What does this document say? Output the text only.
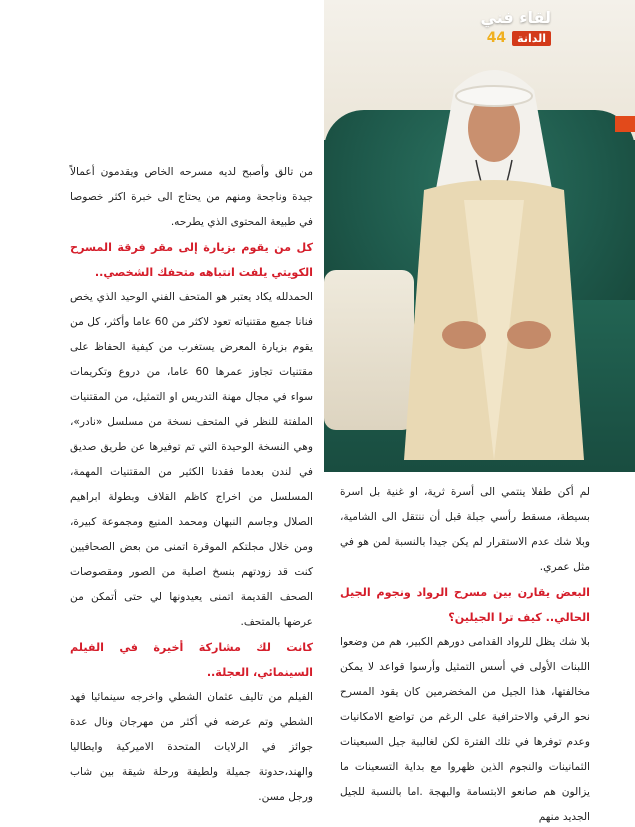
لقاء فني
44	الدانة

من تالق وأصبح لديه مسرحه الخاص ويقدمون أعمالاً جيدة وناجحة ومنهم من يحتاج الى خبرة اكثر خصوصا في طبيعة المحتوى الذي يطرحه.

كل من يقوم بزيارة إلى مقر فرقة المسرح الكويتي يلفت انتباهه متحفك الشخصي..

الحمدلله يكاد يعتبر هو المتحف الفني الوحيد الذي يخص فنانا جميع مقتنياته تعود لاكثر من 60 عاما وأكثر، كل من يقوم بزيارة المعرض يستغرب من كيفية الحفاظ على مقتنيات تجاوز عمرها 60 عاما، من دروع وتكريمات سواء في مجال مهنة التدريس او التمثيل، من المقتنيات الملفتة للنظر في المتحف نسخة من مسلسل «نادر»، وهي النسخة الوحيدة التي تم توفيرها عن طريق صديق في لندن بعدما فقدنا الكثير من المقتنيات المهمة، المسلسل من اخراج كاظم القلاف وبطولة ابراهيم الصلال وجاسم النبهان ومحمد المنيع ومجموعة كبيرة، ومن خلال مجلتكم الموقرة اتمنى من بعض الصحافيين كنت قد زودتهم بنسخ اصلية من الصور ومقصوصات الصحف القديمة اتمنى يعيدونها لي حتى أتمكن من عرضها بالمتحف.

كانت لك مشاركة أخيرة في الفيلم السينمائي، العجلة..

الفيلم من تاليف عثمان الشطي واخرجه سينمائيا فهد الشطي وتم عرضه في أكثر من مهرجان ونال عدة جوائز في الرلايات المتحدة الاميركية وايطاليا والهند،حدوتة جميلة ولطيفة ورحلة شيقة بين شاب ورجل مسن.

لم أكن طفلا ينتمي الى أسرة ثرية، او غنية بل اسرة بسيطة، مسقط رأسي جبلة قبل أن ننتقل الى الشامية، وبلا شك عدم الاستقرار لم يكن جيدا بالنسبة لمن هو في مثل عمري.

البعض يقارن بين مسرح الرواد ونجوم الجيل الحالي.. كيف ترا الجيلين؟

بلا شك يظل للرواد القدامى دورهم الكبير، هم من وضعوا اللبنات الأولى في أسس التمثيل وأرسوا قواعد لا يمكن مخالفتها، هذا الجيل من المخضرمين كان يقود المسرح نحو الرقي والاحترافية على الرغم من تواضع الامكانيات وعدم توفرها في تلك الفترة لكن لغالبية جيل السبعينات الثمانينات والنجوم الذين ظهروا مع بداية التسعينات ما يزالون هم صانعو الابتسامة والبهجة .اما بالنسبة للجيل الجديد منهم
